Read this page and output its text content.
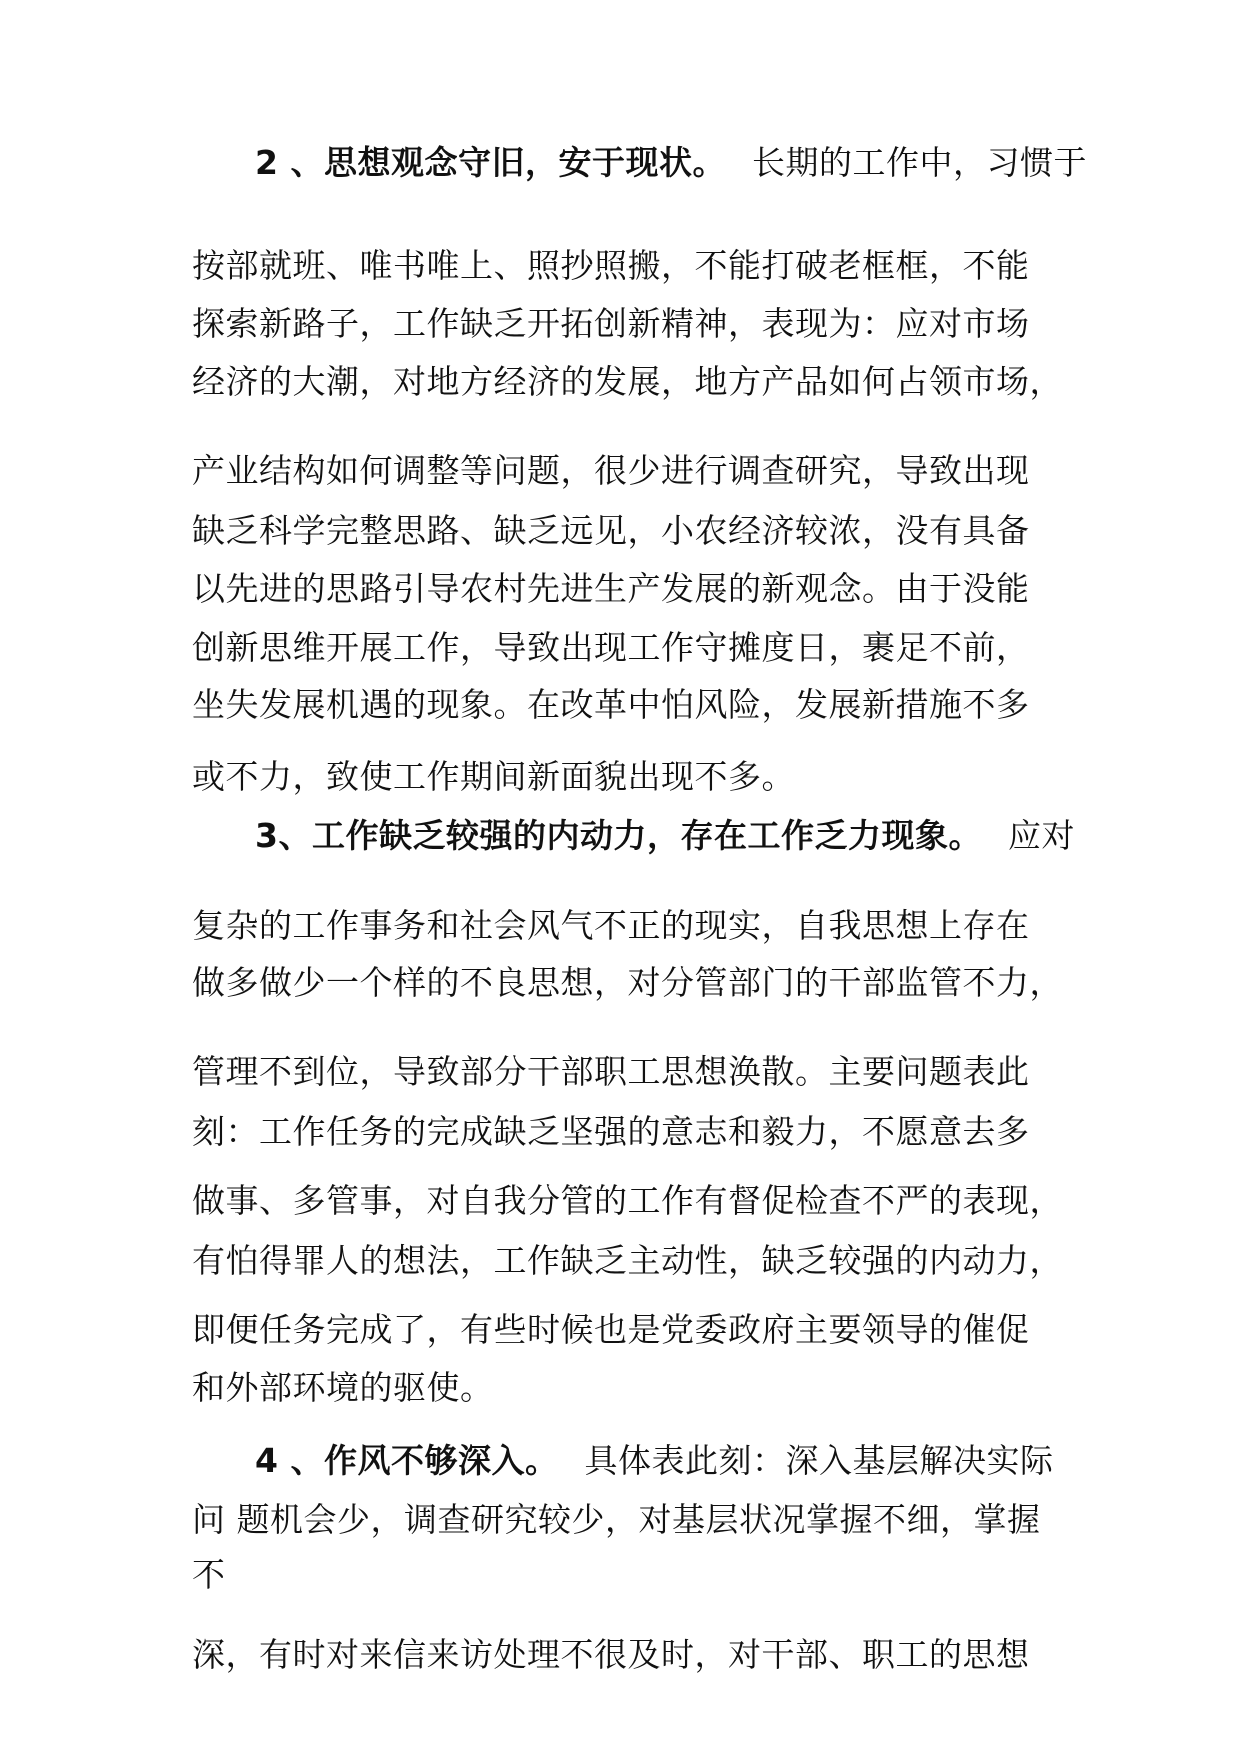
2 、思想观念守旧，安于现状。 长期的工作中，习惯于
按部就班、唯书唯上、照抄照搬，不能打破老框框，不能
探索新路子，工作缺乏开拓创新精神，表现为：应对市场
经济的大潮，对地方经济的发展，地方产品如何占领市场，
产业结构如何调整等问题，很少进行调查研究，导致出现
缺乏科学完整思路、缺乏远见，小农经济较浓，没有具备
以先进的思路引导农村先进生产发展的新观念。由于没能
创新思维开展工作，导致出现工作守摊度日，裹足不前，
坐失发展机遇的现象。在改革中怕风险，发展新措施不多
或不力，致使工作期间新面貌出现不多。
3、工作缺乏较强的内动力，存在工作乏力现象。 应对
复杂的工作事务和社会风气不正的现实，自我思想上存在
做多做少一个样的不良思想，对分管部门的干部监管不力，
管理不到位，导致部分干部职工思想涣散。主要问题表此
刻：工作任务的完成缺乏坚强的意志和毅力，不愿意去多
做事、多管事，对自我分管的工作有督促检查不严的表现，
有怕得罪人的想法，工作缺乏主动性，缺乏较强的内动力，
即便任务完成了，有些时候也是党委政府主要领导的催促
和外部环境的驱使。
4 、作风不够深入。 具体表此刻：深入基层解决实际
问 题机会少，调查研究较少，对基层状况掌握不细，掌握
不
深，有时对来信来访处理不很及时，对干部、职工的思想
